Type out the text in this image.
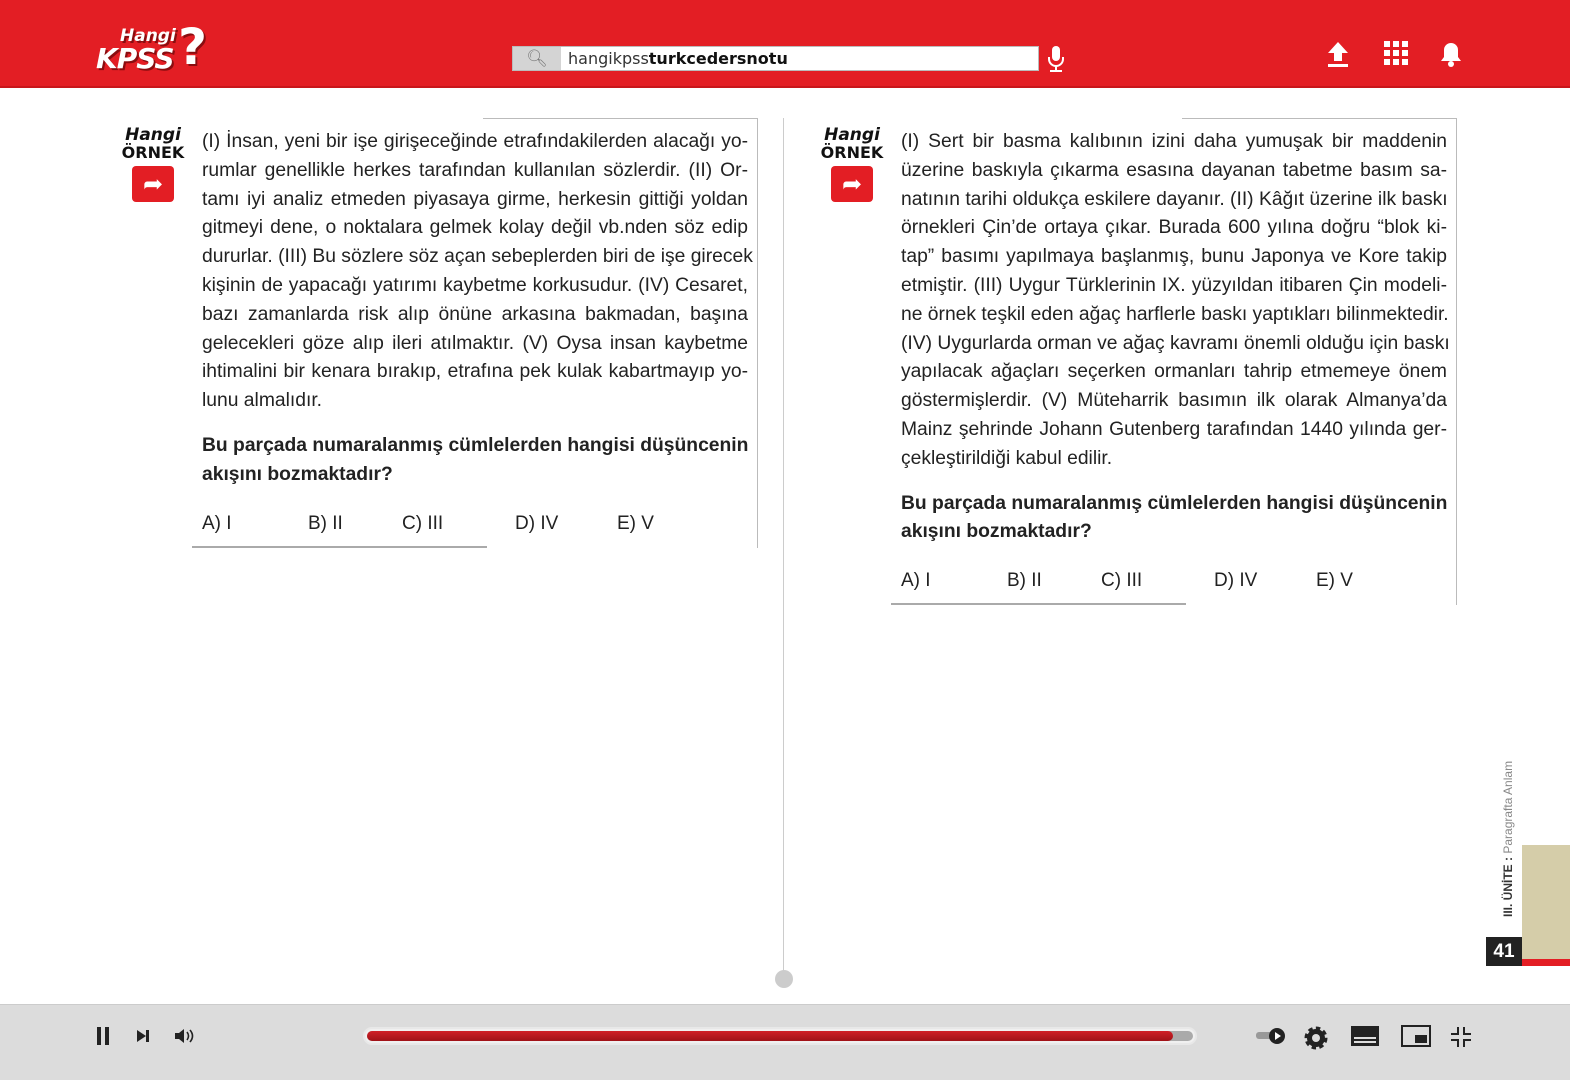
Hangi
KPSS ?	🔍︎	hangikpssturkcedersnotu
Hangi
ÖRNEK
➦
(I) İnsan, yeni bir işe girişeceğinde etrafındakilerden alacağı yo-
rumlar genellikle herkes tarafından kullanılan sözlerdir. (II) Or-
tamı iyi analiz etmeden piyasaya girme, herkesin gittiği yoldan
gitmeyi dene, o noktalara gelmek kolay değil vb.nden söz edip
dururlar. (III) Bu sözlere söz açan sebeplerden biri de işe girecek
kişinin de yapacağı yatırımı kaybetme korkusudur. (IV) Cesaret,
bazı zamanlarda risk alıp önüne arkasına bakmadan, başına
gelecekleri göze alıp ileri atılmaktır. (V) Oysa insan kaybetme
ihtimalini bir kenara bırakıp, etrafına pek kulak kabartmayıp yo-
lunu almalıdır.
Bu parçada numaralanmış cümlelerden hangisi düşüncenin
akışını bozmaktadır?
A) I	B) II	C) III	D) IV	E) V
Hangi
ÖRNEK
➦
(I) Sert bir basma kalıbının izini daha yumuşak bir maddenin
üzerine baskıyla çıkarma esasına dayanan tabetme basım sa-
natının tarihi oldukça eskilere dayanır. (II) Kâğıt üzerine ilk baskı
örnekleri Çin’de ortaya çıkar. Burada 600 yılına doğru “blok ki-
tap” basımı yapılmaya başlanmış, bunu Japonya ve Kore takip
etmiştir. (III) Uygur Türklerinin IX. yüzyıldan itibaren Çin modeli-
ne örnek teşkil eden ağaç harflerle baskı yaptıkları bilinmektedir.
(IV) Uygurlarda orman ve ağaç kavramı önemli olduğu için baskı
yapılacak ağaçları seçerken ormanları tahrip etmemeye önem
göstermişlerdir. (V) Müteharrik basımın ilk olarak Almanya’da
Mainz şehrinde Johann Gutenberg tarafından 1440 yılında ger-
çekleştirildiği kabul edilir.
Bu parçada numaralanmış cümlelerden hangisi düşüncenin
akışını bozmaktadır?
A) I	B) II	C) III	D) IV	E) V
III. ÜNİTE : Paragrafta Anlam
41
